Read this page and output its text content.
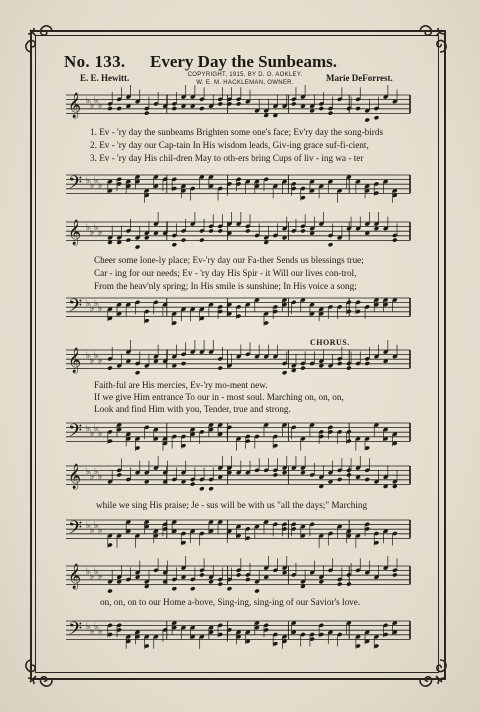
No. 133. Every Day the Sunbeams.
COPYRIGHT, 1915, BY D. O. AOKLEY.
W. E. M. HACKLEMAN, OWNER.
E. E. Hewitt.	Marie DeForrest.
𝄞 ♭ ♭ ♭ ♭
𝄢 ♭ ♭ ♭ ♭
𝄞 ♭ ♭ ♭ ♭
𝄢 ♭ ♭ ♭ ♭
𝄞 ♭ ♭ ♭ ♭
𝄢 ♭ ♭ ♭ ♭
𝄞 ♭ ♭ ♭ ♭
𝄢 ♭ ♭ ♭ ♭
𝄞 ♭ ♭ ♭ ♭
𝄢 ♭ ♭ ♭ ♭
1. Ev - 'ry day the sunbeams Brighten some one's face; Ev'ry day the song-birds
2. Ev - 'ry day our Cap-tain In His wisdom leads, Giv-ing grace suf-fi-cient,
3. Ev - 'ry day His chil-dren May to oth-ers bring Cups of liv - ing wa - ter
Cheer some lone-ly place; Ev-'ry day our Fa-ther Sends us blessings true;
Car - ing for our needs; Ev - 'ry day His Spir - it Will our lives con-trol,
From the heav'nly spring; In His smile is sunshine; In His voice a song;
CHORUS.
Faith-ful are His mercies, Ev-'ry mo-ment new.
If we give Him entrance To our in - most soul. Marching on, on, on,
Look and find Him with you, Tender, true and strong.
while we sing His praise; Je - sus will be with us "all the days;" Marching
on, on, on to our Home a-bove, Sing-ing, sing-ing of our Savior's love.
